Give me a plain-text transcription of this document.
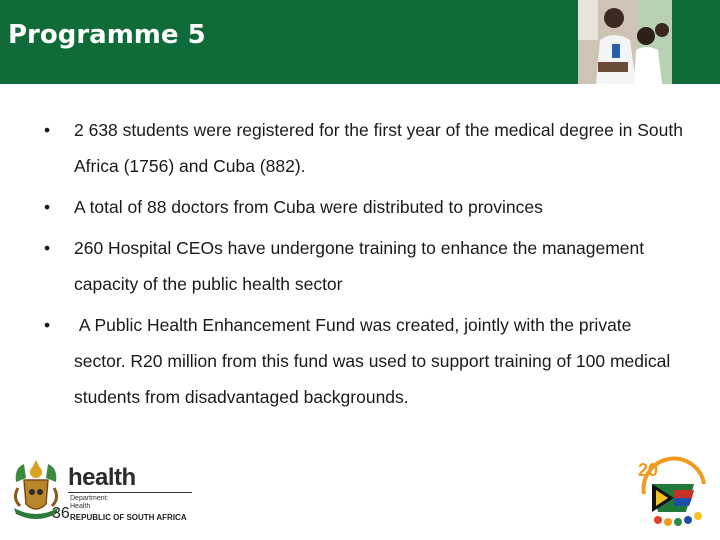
Programme 5
• 2 638 students were registered for the first year of the medical degree in South Africa (1756) and Cuba (882).
• A total of 88 doctors from Cuba were distributed to provinces
• 260 Hospital CEOs have undergone training to enhance the management capacity of the public health sector
• A Public Health Enhancement Fund was created, jointly with the private sector. R20 million from this fund was used to support training of 100 medical students from disadvantaged backgrounds.
health
Department:
Health
REPUBLIC OF SOUTH AFRICA
36
20
